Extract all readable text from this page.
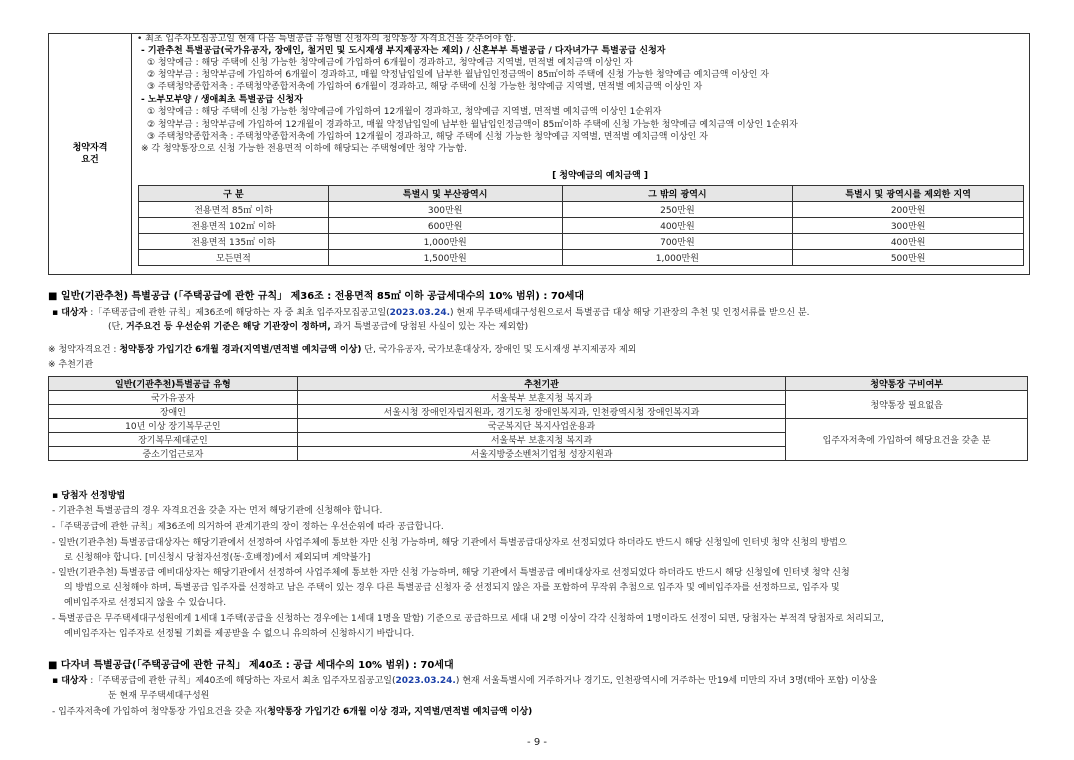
청약자격
요건
• 최초 입주자모집공고일 현재 다음 특별공급 유형별 신청자의 청약통장 자격요건을 갖추어야 함.
- 기관추천 특별공급(국가유공자, 장애인, 철거민 및 도시재생 부지제공자는 제외) / 신혼부부 특별공급 / 다자녀가구 특별공급 신청자
① 청약예금 : 해당 주택에 신청 가능한 청약예금에 가입하여 6개월이 경과하고, 청약예금 지역별, 면적별 예치금액 이상인 자
② 청약부금 : 청약부금에 가입하여 6개월이 경과하고, 매월 약정납입일에 납부한 월납입인정금액이 85㎡이하 주택에 신청 가능한 청약예금 예치금액 이상인 자
③ 주택청약종합저축 : 주택청약종합저축에 가입하여 6개월이 경과하고, 해당 주택에 신청 가능한 청약예금 지역별, 면적별 예치금액 이상인 자
- 노부모부양 / 생애최초 특별공급 신청자
① 청약예금 : 해당 주택에 신청 가능한 청약예금에 가입하여 12개월이 경과하고, 청약예금 지역별, 면적별 예치금액 이상인 1순위자
② 청약부금 : 청약부금에 가입하여 12개월이 경과하고, 매월 약정납입일에 납부한 월납입인정금액이 85㎡이하 주택에 신청 가능한 청약예금 예치금액 이상인 1순위자
③ 주택청약종합저축 : 주택청약종합저축에 가입하여 12개월이 경과하고, 해당 주택에 신청 가능한 청약예금 지역별, 면적별 예치금액 이상인 자
※ 각 청약통장으로 신청 가능한 전용면적 이하에 해당되는 주택형에만 청약 가능함.
[ 청약예금의 예치금액 ]
구 분	특별시 및 부산광역시	그 밖의 광역시	특별시 및 광역시를 제외한 지역
전용면적 85㎡ 이하	300만원	250만원	200만원
전용면적 102㎡ 이하	600만원	400만원	300만원
전용면적 135㎡ 이하	1,000만원	700만원	400만원
모든면적	1,500만원	1,000만원	500만원
■ 일반(기관추천) 특별공급 (「주택공급에 관한 규칙」 제36조 : 전용면적 85㎡ 이하 공급세대수의 10% 범위) : 70세대
▪ 대상자 :「주택공급에 관한 규칙」제36조에 해당하는 자 중 최초 입주자모집공고일(2023.03.24.) 현재 무주택세대구성원으로서 특별공급 대상 해당 기관장의 추천 및 인정서류를 받으신 분.
(단, 거주요건 등 우선순위 기준은 해당 기관장이 정하며, 과거 특별공급에 당첨된 사실이 있는 자는 제외함)
※ 청약자격요건 : 청약통장 가입기간 6개월 경과(지역별/면적별 예치금액 이상) 단, 국가유공자, 국가보훈대상자, 장애인 및 도시재생 부지제공자 제외
※ 추천기관
일반(기관추천)특별공급 유형	추천기관	청약통장 구비여부
국가유공자	서울북부 보훈지청 복지과	청약통장 필요없음
장애인	서울시청 장애인자립지원과, 경기도청 장애인복지과, 인천광역시청 장애인복지과	
10년 이상 장기복무군인	국군복지단 복지사업운용과	입주자저축에 가입하여 해당요건을 갖춘 분
장기복무제대군인	서울북부 보훈지청 복지과	
중소기업근로자	서울지방중소벤처기업청 성장지원과	
▪ 당첨자 선정방법
- 기관추천 특별공급의 경우 자격요건을 갖춘 자는 먼저 해당기관에 신청해야 합니다.
-「주택공급에 관한 규칙」제36조에 의거하여 관계기관의 장이 정하는 우선순위에 따라 공급합니다.
- 일반(기관추천) 특별공급대상자는 해당기관에서 선정하여 사업주체에 통보한 자만 신청 가능하며, 해당 기관에서 특별공급대상자로 선정되었다 하더라도 반드시 해당 신청일에 인터넷 청약 신청의 방법으
로 신청해야 합니다. [미신청시 당첨자선정(동·호배정)에서 제외되며 계약불가]
- 일반(기관추천) 특별공급 예비대상자는 해당기관에서 선정하여 사업주체에 통보한 자만 신청 가능하며, 해당 기관에서 특별공급 예비대상자로 선정되었다 하더라도 반드시 해당 신청일에 인터넷 청약 신청
의 방법으로 신청해야 하며, 특별공급 입주자를 선정하고 남은 주택이 있는 경우 다른 특별공급 신청자 중 선정되지 않은 자를 포함하여 무작위 추첨으로 입주자 및 예비입주자를 선정하므로, 입주자 및
예비입주자로 선정되지 않을 수 있습니다.
- 특별공급은 무주택세대구성원에게 1세대 1주택(공급을 신청하는 경우에는 1세대 1명을 말함) 기준으로 공급하므로 세대 내 2명 이상이 각각 신청하여 1명이라도 선정이 되면, 당첨자는 부적격 당첨자로 처리되고,
예비입주자는 입주자로 선정될 기회를 제공받을 수 없으니 유의하여 신청하시기 바랍니다.
■ 다자녀 특별공급(「주택공급에 관한 규칙」 제40조 : 공급 세대수의 10% 범위) : 70세대
▪ 대상자 :「주택공급에 관한 규칙」제40조에 해당하는 자로서 최초 입주자모집공고일(2023.03.24.) 현재 서울특별시에 거주하거나 경기도, 인천광역시에 거주하는 만19세 미만의 자녀 3명(태아 포함) 이상을
둔 현재 무주택세대구성원
- 입주자저축에 가입하여 청약통장 가입요건을 갖춘 자(청약통장 가입기간 6개월 이상 경과, 지역별/면적별 예치금액 이상)
- 9 -
